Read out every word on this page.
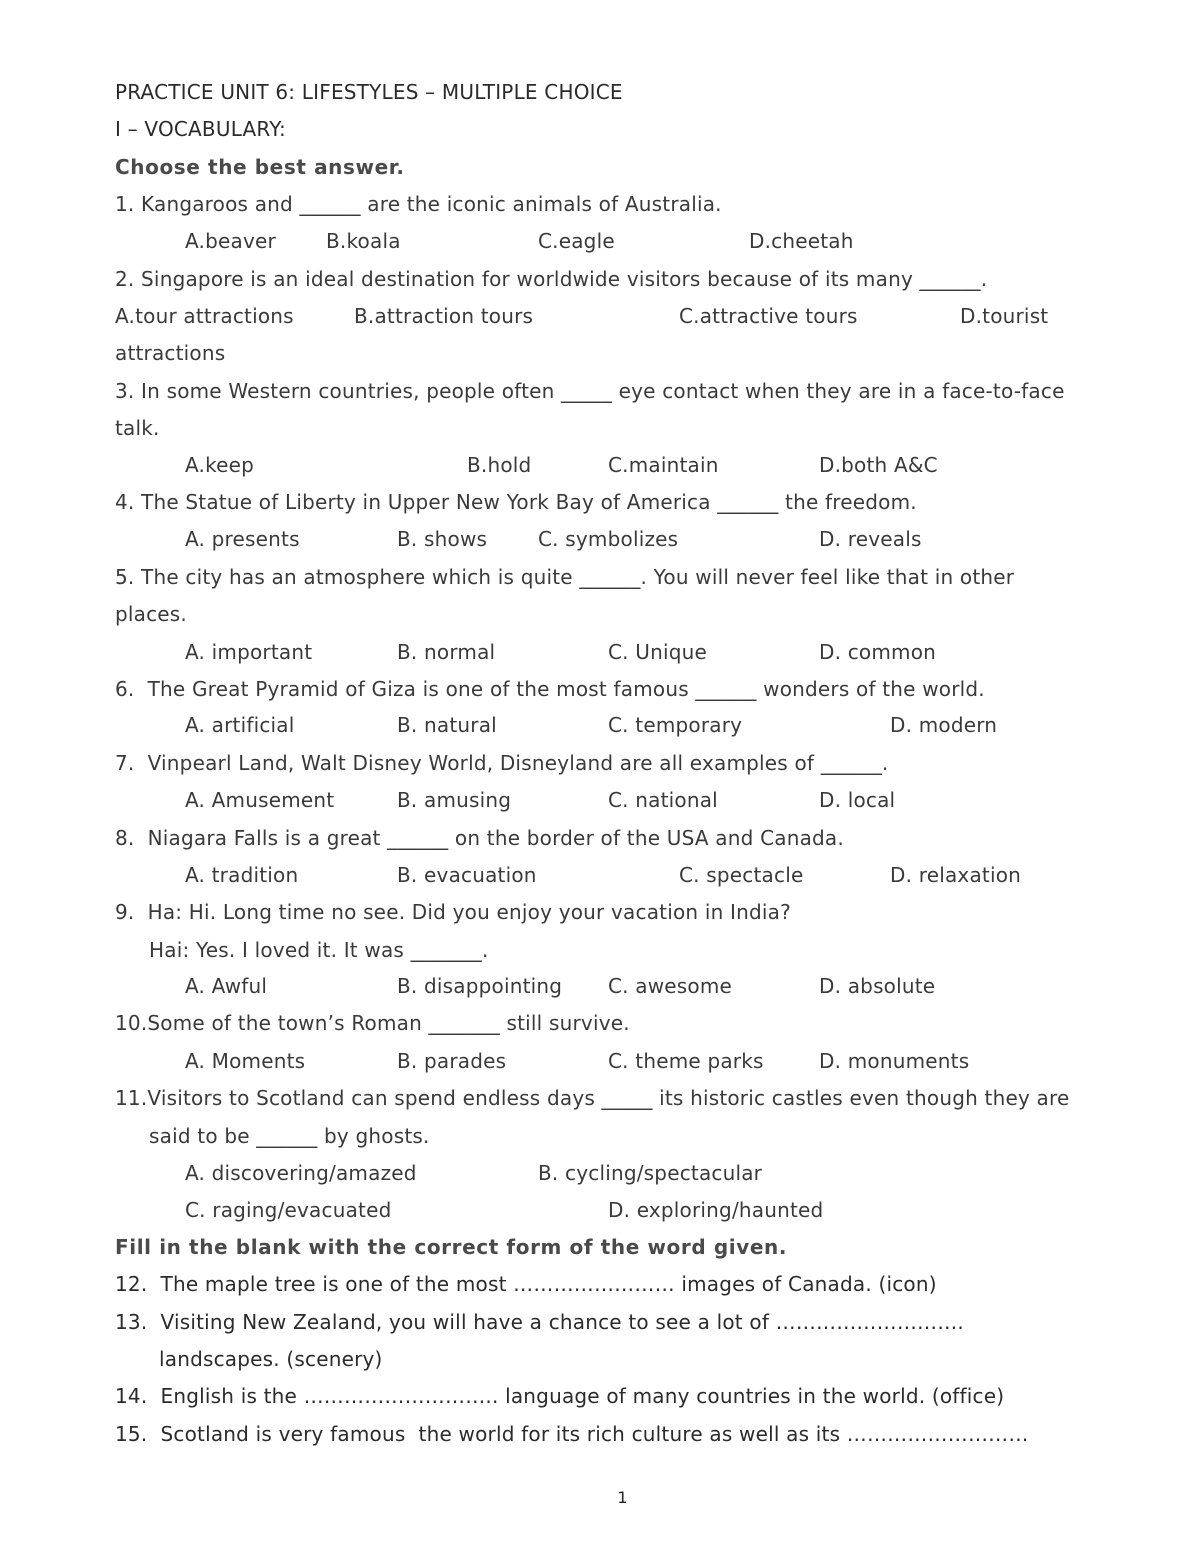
PRACTICE UNIT 6: LIFESTYLES – MULTIPLE CHOICE
I – VOCABULARY:
Choose the best answer.
1. Kangaroos and ______ are the iconic animals of Australia.
A.beaver	B.koala	C.eagle	D.cheetah
2. Singapore is an ideal destination for worldwide visitors because of its many ______.
A.tour attractions	B.attraction tours	C.attractive tours	D.tourist
attractions
3. In some Western countries, people often _____ eye contact when they are in a face-to-face
talk.
A.keep	B.hold	C.maintain	D.both A&C
4. The Statue of Liberty in Upper New York Bay of America ______ the freedom.
A. presents	B. shows	C. symbolizes	D. reveals
5. The city has an atmosphere which is quite ______. You will never feel like that in other
places.
A. important	B. normal	C. Unique	D. common
6.  The Great Pyramid of Giza is one of the most famous ______ wonders of the world.
A. artificial	B. natural	C. temporary	D. modern
7.  Vinpearl Land, Walt Disney World, Disneyland are all examples of ______.
A. Amusement	B. amusing	C. national	D. local
8.  Niagara Falls is a great ______ on the border of the USA and Canada.
A. tradition	B. evacuation	C. spectacle	D. relaxation
9.  Ha: Hi. Long time no see. Did you enjoy your vacation in India?
Hai: Yes. I loved it. It was _______.
A. Awful	B. disappointing C. awesome	D. absolute
10.Some of the town’s Roman _______ still survive.
A. Moments	B. parades	C. theme parks	D. monuments
11.Visitors to Scotland can spend endless days _____ its historic castles even though they are
said to be ______ by ghosts.
A. discovering/amazed	B. cycling/spectacular
C. raging/evacuated	D. exploring/haunted
Fill in the blank with the correct form of the word given.
12.  The maple tree is one of the most …………………… images of Canada. (icon)
13.  Visiting New Zealand, you will have a chance to see a lot of ……………………….
landscapes. (scenery)
14.  English is the ……………………….. language of many countries in the world. (office)
15.  Scotland is very famous  the world for its rich culture as well as its ………………………
1
